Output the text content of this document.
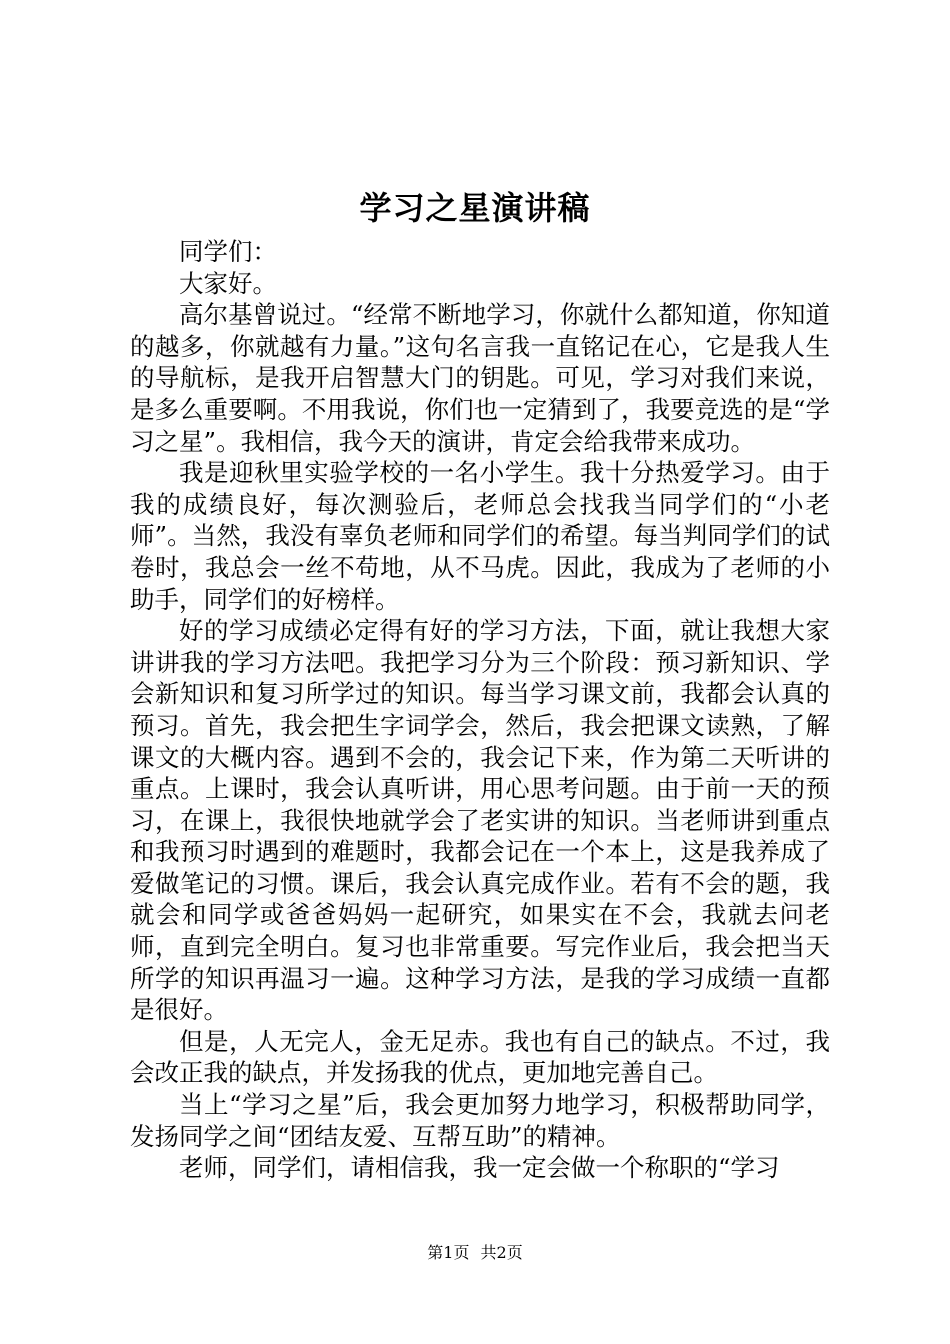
学习之星演讲稿

同学们：

大家好。

高尔基曾说过。“经常不断地学习，你就什么都知道，你知道的越多，你就越有力量。”这句名言我一直铭记在心，它是我人生的导航标，是我开启智慧大门的钥匙。可见，学习对我们来说，是多么重要啊。不用我说，你们也一定猜到了，我要竞选的是“学习之星”。我相信，我今天的演讲，肯定会给我带来成功。

我是迎秋里实验学校的一名小学生。我十分热爱学习。由于我的成绩良好，每次测验后，老师总会找我当同学们的“小老师”。当然，我没有辜负老师和同学们的希望。每当判同学们的试卷时，我总会一丝不苟地，从不马虎。因此，我成为了老师的小助手，同学们的好榜样。

好的学习成绩必定得有好的学习方法，下面，就让我想大家讲讲我的学习方法吧。我把学习分为三个阶段：预习新知识、学会新知识和复习所学过的知识。每当学习课文前，我都会认真的预习。首先，我会把生字词学会，然后，我会把课文读熟，了解课文的大概内容。遇到不会的，我会记下来，作为第二天听讲的重点。上课时，我会认真听讲，用心思考问题。由于前一天的预习，在课上，我很快地就学会了老实讲的知识。当老师讲到重点和我预习时遇到的难题时，我都会记在一个本上，这是我养成了爱做笔记的习惯。课后，我会认真完成作业。若有不会的题，我就会和同学或爸爸妈妈一起研究，如果实在不会，我就去问老师，直到完全明白。复习也非常重要。写完作业后，我会把当天所学的知识再温习一遍。这种学习方法，是我的学习成绩一直都是很好。

但是，人无完人，金无足赤。我也有自己的缺点。不过，我会改正我的缺点，并发扬我的优点，更加地完善自己。

当上“学习之星”后，我会更加努力地学习，积极帮助同学，发扬同学之间“团结友爱、互帮互助”的精神。

老师，同学们，请相信我，我一定会做一个称职的“学习

第1页 共2页
